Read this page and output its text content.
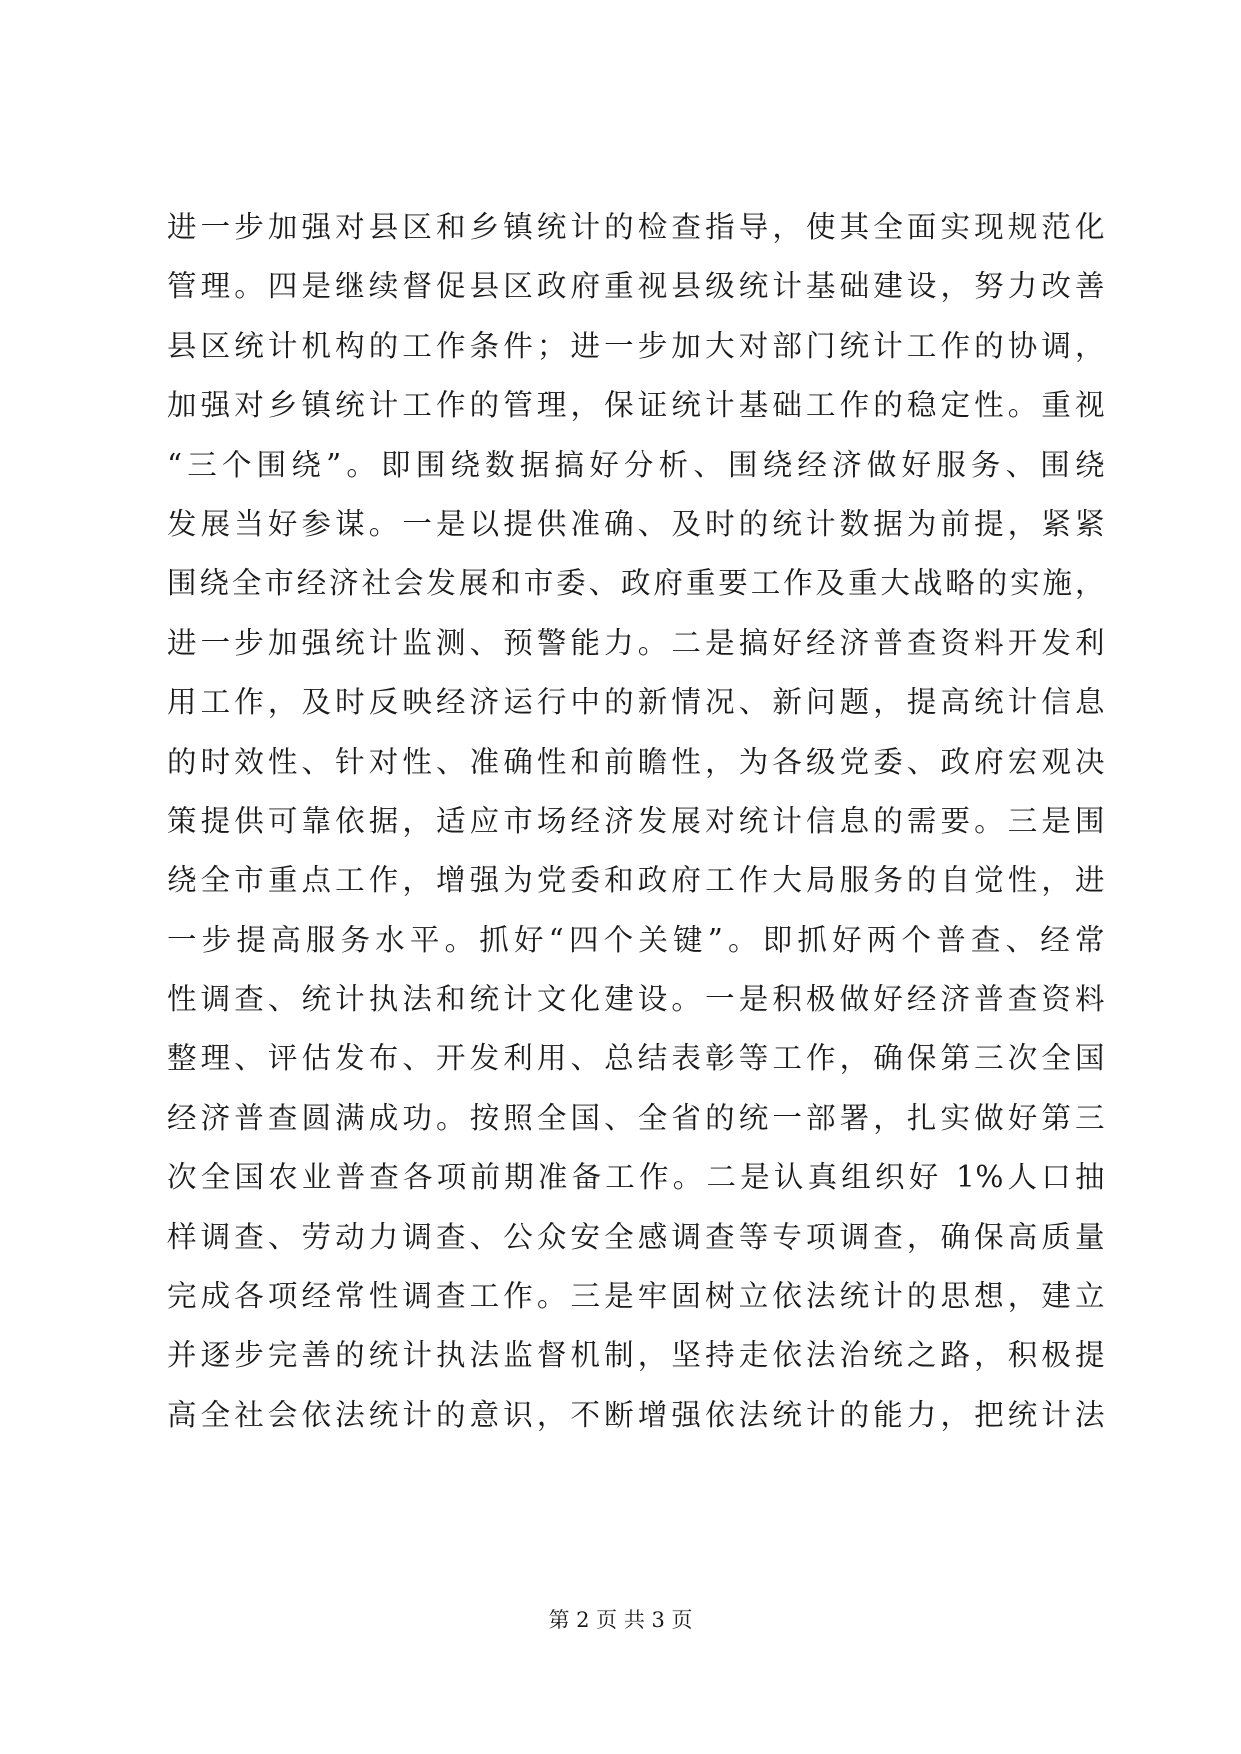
进一步加强对县区和乡镇统计的检查指导，使其全面实现规范化
管理。四是继续督促县区政府重视县级统计基础建设，努力改善
县区统计机构的工作条件；进一步加大对部门统计工作的协调，
加强对乡镇统计工作的管理，保证统计基础工作的稳定性。重视
“三个围绕”。即围绕数据搞好分析、围绕经济做好服务、围绕
发展当好参谋。一是以提供准确、及时的统计数据为前提，紧紧
围绕全市经济社会发展和市委、政府重要工作及重大战略的实施，
进一步加强统计监测、预警能力。二是搞好经济普查资料开发利
用工作，及时反映经济运行中的新情况、新问题，提高统计信息
的时效性、针对性、准确性和前瞻性，为各级党委、政府宏观决
策提供可靠依据，适应市场经济发展对统计信息的需要。三是围
绕全市重点工作，增强为党委和政府工作大局服务的自觉性，进
一步提高服务水平。抓好“四个关键”。即抓好两个普查、经常
性调查、统计执法和统计文化建设。一是积极做好经济普查资料
整理、评估发布、开发利用、总结表彰等工作，确保第三次全国
经济普查圆满成功。按照全国、全省的统一部署，扎实做好第三
次全国农业普查各项前期准备工作。二是认真组织好 1%人口抽
样调查、劳动力调查、公众安全感调查等专项调查，确保高质量
完成各项经常性调查工作。三是牢固树立依法统计的思想，建立
并逐步完善的统计执法监督机制，坚持走依法治统之路，积极提
高全社会依法统计的意识，不断增强依法统计的能力，把统计法
第 2 页 共 3 页
